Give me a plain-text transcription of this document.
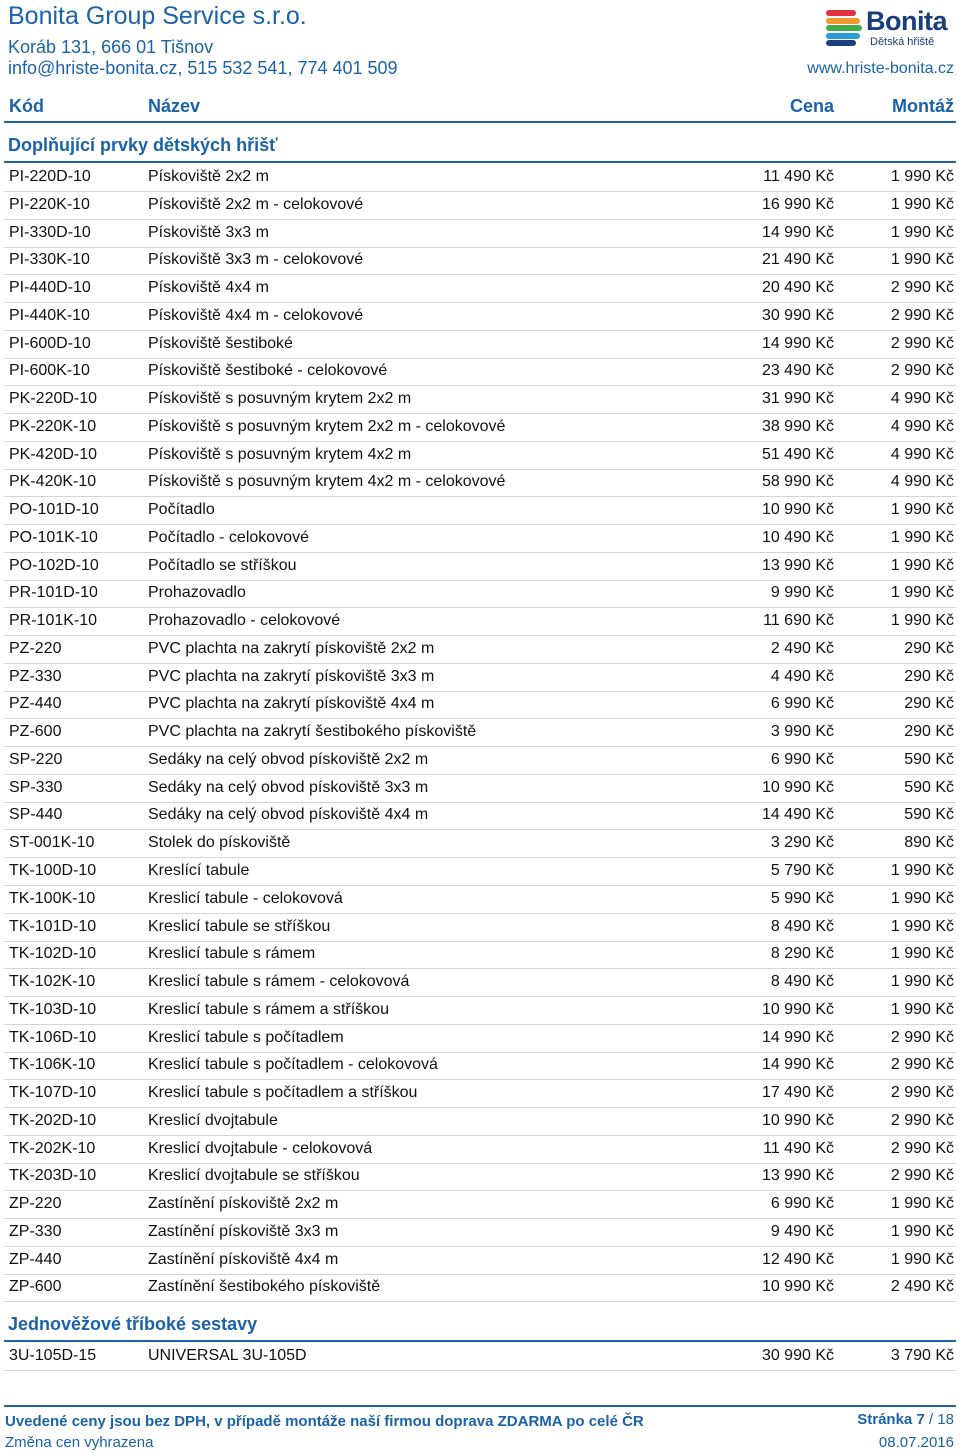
Bonita Group Service s.r.o.
Koráb 131, 666 01 Tišnov
info@hriste-bonita.cz, 515 532 541, 774 401 509
Bonita
Dětská hřiště
www.hriste-bonita.cz
Kód	Název	Cena	Montáž
Doplňující prvky dětských hřišť
PI-220D-10	Pískoviště 2x2 m	11 490 Kč	1 990 Kč
PI-220K-10	Pískoviště 2x2 m - celokovové	16 990 Kč	1 990 Kč
PI-330D-10	Pískoviště 3x3 m	14 990 Kč	1 990 Kč
PI-330K-10	Pískoviště 3x3 m - celokovové	21 490 Kč	1 990 Kč
PI-440D-10	Pískoviště 4x4 m	20 490 Kč	2 990 Kč
PI-440K-10	Pískoviště 4x4 m - celokovové	30 990 Kč	2 990 Kč
PI-600D-10	Pískoviště šestiboké	14 990 Kč	2 990 Kč
PI-600K-10	Pískoviště šestiboké - celokovové	23 490 Kč	2 990 Kč
PK-220D-10	Pískoviště s posuvným krytem 2x2 m	31 990 Kč	4 990 Kč
PK-220K-10	Pískoviště s posuvným krytem 2x2 m - celokovové	38 990 Kč	4 990 Kč
PK-420D-10	Pískoviště s posuvným krytem 4x2 m	51 490 Kč	4 990 Kč
PK-420K-10	Pískoviště s posuvným krytem 4x2 m - celokovové	58 990 Kč	4 990 Kč
PO-101D-10	Počítadlo	10 990 Kč	1 990 Kč
PO-101K-10	Počítadlo - celokovové	10 490 Kč	1 990 Kč
PO-102D-10	Počítadlo se stříškou	13 990 Kč	1 990 Kč
PR-101D-10	Prohazovadlo	9 990 Kč	1 990 Kč
PR-101K-10	Prohazovadlo - celokovové	11 690 Kč	1 990 Kč
PZ-220	PVC plachta na zakrytí pískoviště 2x2 m	2 490 Kč	290 Kč
PZ-330	PVC plachta na zakrytí pískoviště 3x3 m	4 490 Kč	290 Kč
PZ-440	PVC plachta na zakrytí pískoviště 4x4 m	6 990 Kč	290 Kč
PZ-600	PVC plachta na zakrytí šestibokého pískoviště	3 990 Kč	290 Kč
SP-220	Sedáky na celý obvod pískoviště 2x2 m	6 990 Kč	590 Kč
SP-330	Sedáky na celý obvod pískoviště 3x3 m	10 990 Kč	590 Kč
SP-440	Sedáky na celý obvod pískoviště 4x4 m	14 490 Kč	590 Kč
ST-001K-10	Stolek do pískoviště	3 290 Kč	890 Kč
TK-100D-10	Kreslící tabule	5 790 Kč	1 990 Kč
TK-100K-10	Kreslicí tabule - celokovová	5 990 Kč	1 990 Kč
TK-101D-10	Kreslicí tabule se stříškou	8 490 Kč	1 990 Kč
TK-102D-10	Kreslicí tabule s rámem	8 290 Kč	1 990 Kč
TK-102K-10	Kreslicí tabule s rámem - celokovová	8 490 Kč	1 990 Kč
TK-103D-10	Kreslicí tabule s rámem a stříškou	10 990 Kč	1 990 Kč
TK-106D-10	Kreslicí tabule s počítadlem	14 990 Kč	2 990 Kč
TK-106K-10	Kreslicí tabule s počítadlem - celokovová	14 990 Kč	2 990 Kč
TK-107D-10	Kreslicí tabule s počítadlem a stříškou	17 490 Kč	2 990 Kč
TK-202D-10	Kreslicí dvojtabule	10 990 Kč	2 990 Kč
TK-202K-10	Kreslicí dvojtabule - celokovová	11 490 Kč	2 990 Kč
TK-203D-10	Kreslicí dvojtabule se stříškou	13 990 Kč	2 990 Kč
ZP-220	Zastínění pískoviště 2x2 m	6 990 Kč	1 990 Kč
ZP-330	Zastínění pískoviště 3x3 m	9 490 Kč	1 990 Kč
ZP-440	Zastínění pískoviště 4x4 m	12 490 Kč	1 990 Kč
ZP-600	Zastínění šestibokého pískoviště	10 990 Kč	2 490 Kč
Jednověžové tříboké sestavy
3U-105D-15	UNIVERSAL 3U-105D	30 990 Kč	3 790 Kč
Uvedené ceny jsou bez DPH, v případě montáže naší firmou doprava ZDARMA po celé ČR
Změna cen vyhrazena
Stránka 7 / 18
08.07.2016
